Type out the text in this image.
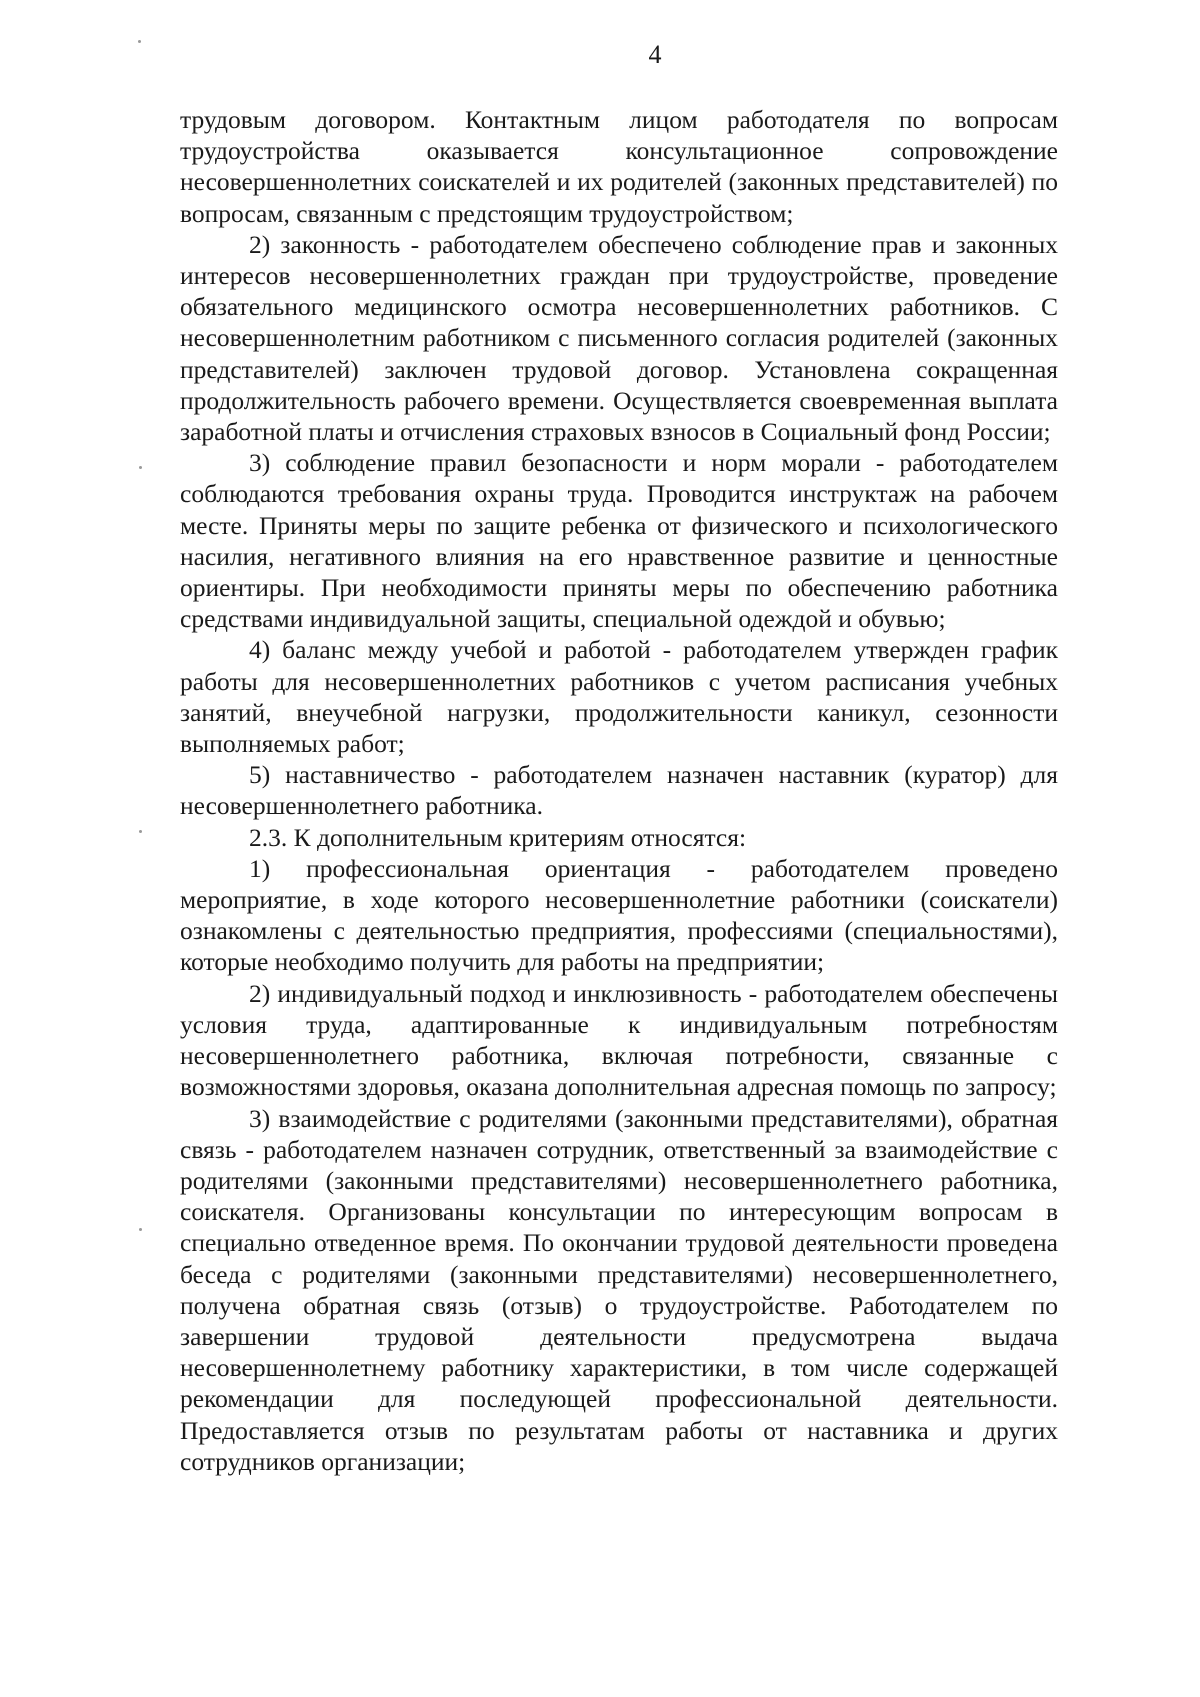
4

трудовым договором. Контактным лицом работодателя по вопросам трудоустройства оказывается консультационное сопровождение несовершеннолетних соискателей и их родителей (законных представителей) по вопросам, связанным с предстоящим трудоустройством;

2) законность - работодателем обеспечено соблюдение прав и законных интересов несовершеннолетних граждан при трудоустройстве, проведение обязательного медицинского осмотра несовершеннолетних работников. С несовершеннолетним работником с письменного согласия родителей (законных представителей) заключен трудовой договор. Установлена сокращенная продолжительность рабочего времени. Осуществляется своевременная выплата заработной платы и отчисления страховых взносов в Социальный фонд России;

3) соблюдение правил безопасности и норм морали - работодателем соблюдаются требования охраны труда. Проводится инструктаж на рабочем месте. Приняты меры по защите ребенка от физического и психологического насилия, негативного влияния на его нравственное развитие и ценностные ориентиры. При необходимости приняты меры по обеспечению работника средствами индивидуальной защиты, специальной одеждой и обувью;

4) баланс между учебой и работой - работодателем утвержден график работы для несовершеннолетних работников с учетом расписания учебных занятий, внеучебной нагрузки, продолжительности каникул, сезонности выполняемых работ;

5) наставничество - работодателем назначен наставник (куратор) для несовершеннолетнего работника.

2.3. К дополнительным критериям относятся:

1) профессиональная ориентация - работодателем проведено мероприятие, в ходе которого несовершеннолетние работники (соискатели) ознакомлены с деятельностью предприятия, профессиями (специальностями), которые необходимо получить для работы на предприятии;

2) индивидуальный подход и инклюзивность - работодателем обеспечены условия труда, адаптированные к индивидуальным потребностям несовершеннолетнего работника, включая потребности, связанные с возможностями здоровья, оказана дополнительная адресная помощь по запросу;

3) взаимодействие с родителями (законными представителями), обратная связь - работодателем назначен сотрудник, ответственный за взаимодействие с родителями (законными представителями) несовершеннолетнего работника, соискателя. Организованы консультации по интересующим вопросам в специально отведенное время. По окончании трудовой деятельности проведена беседа с родителями (законными представителями) несовершеннолетнего, получена обратная связь (отзыв) о трудоустройстве. Работодателем по завершении трудовой деятельности предусмотрена выдача несовершеннолетнему работнику характеристики, в том числе содержащей рекомендации для последующей профессиональной деятельности. Предоставляется отзыв по результатам работы от наставника и других сотрудников организации;
